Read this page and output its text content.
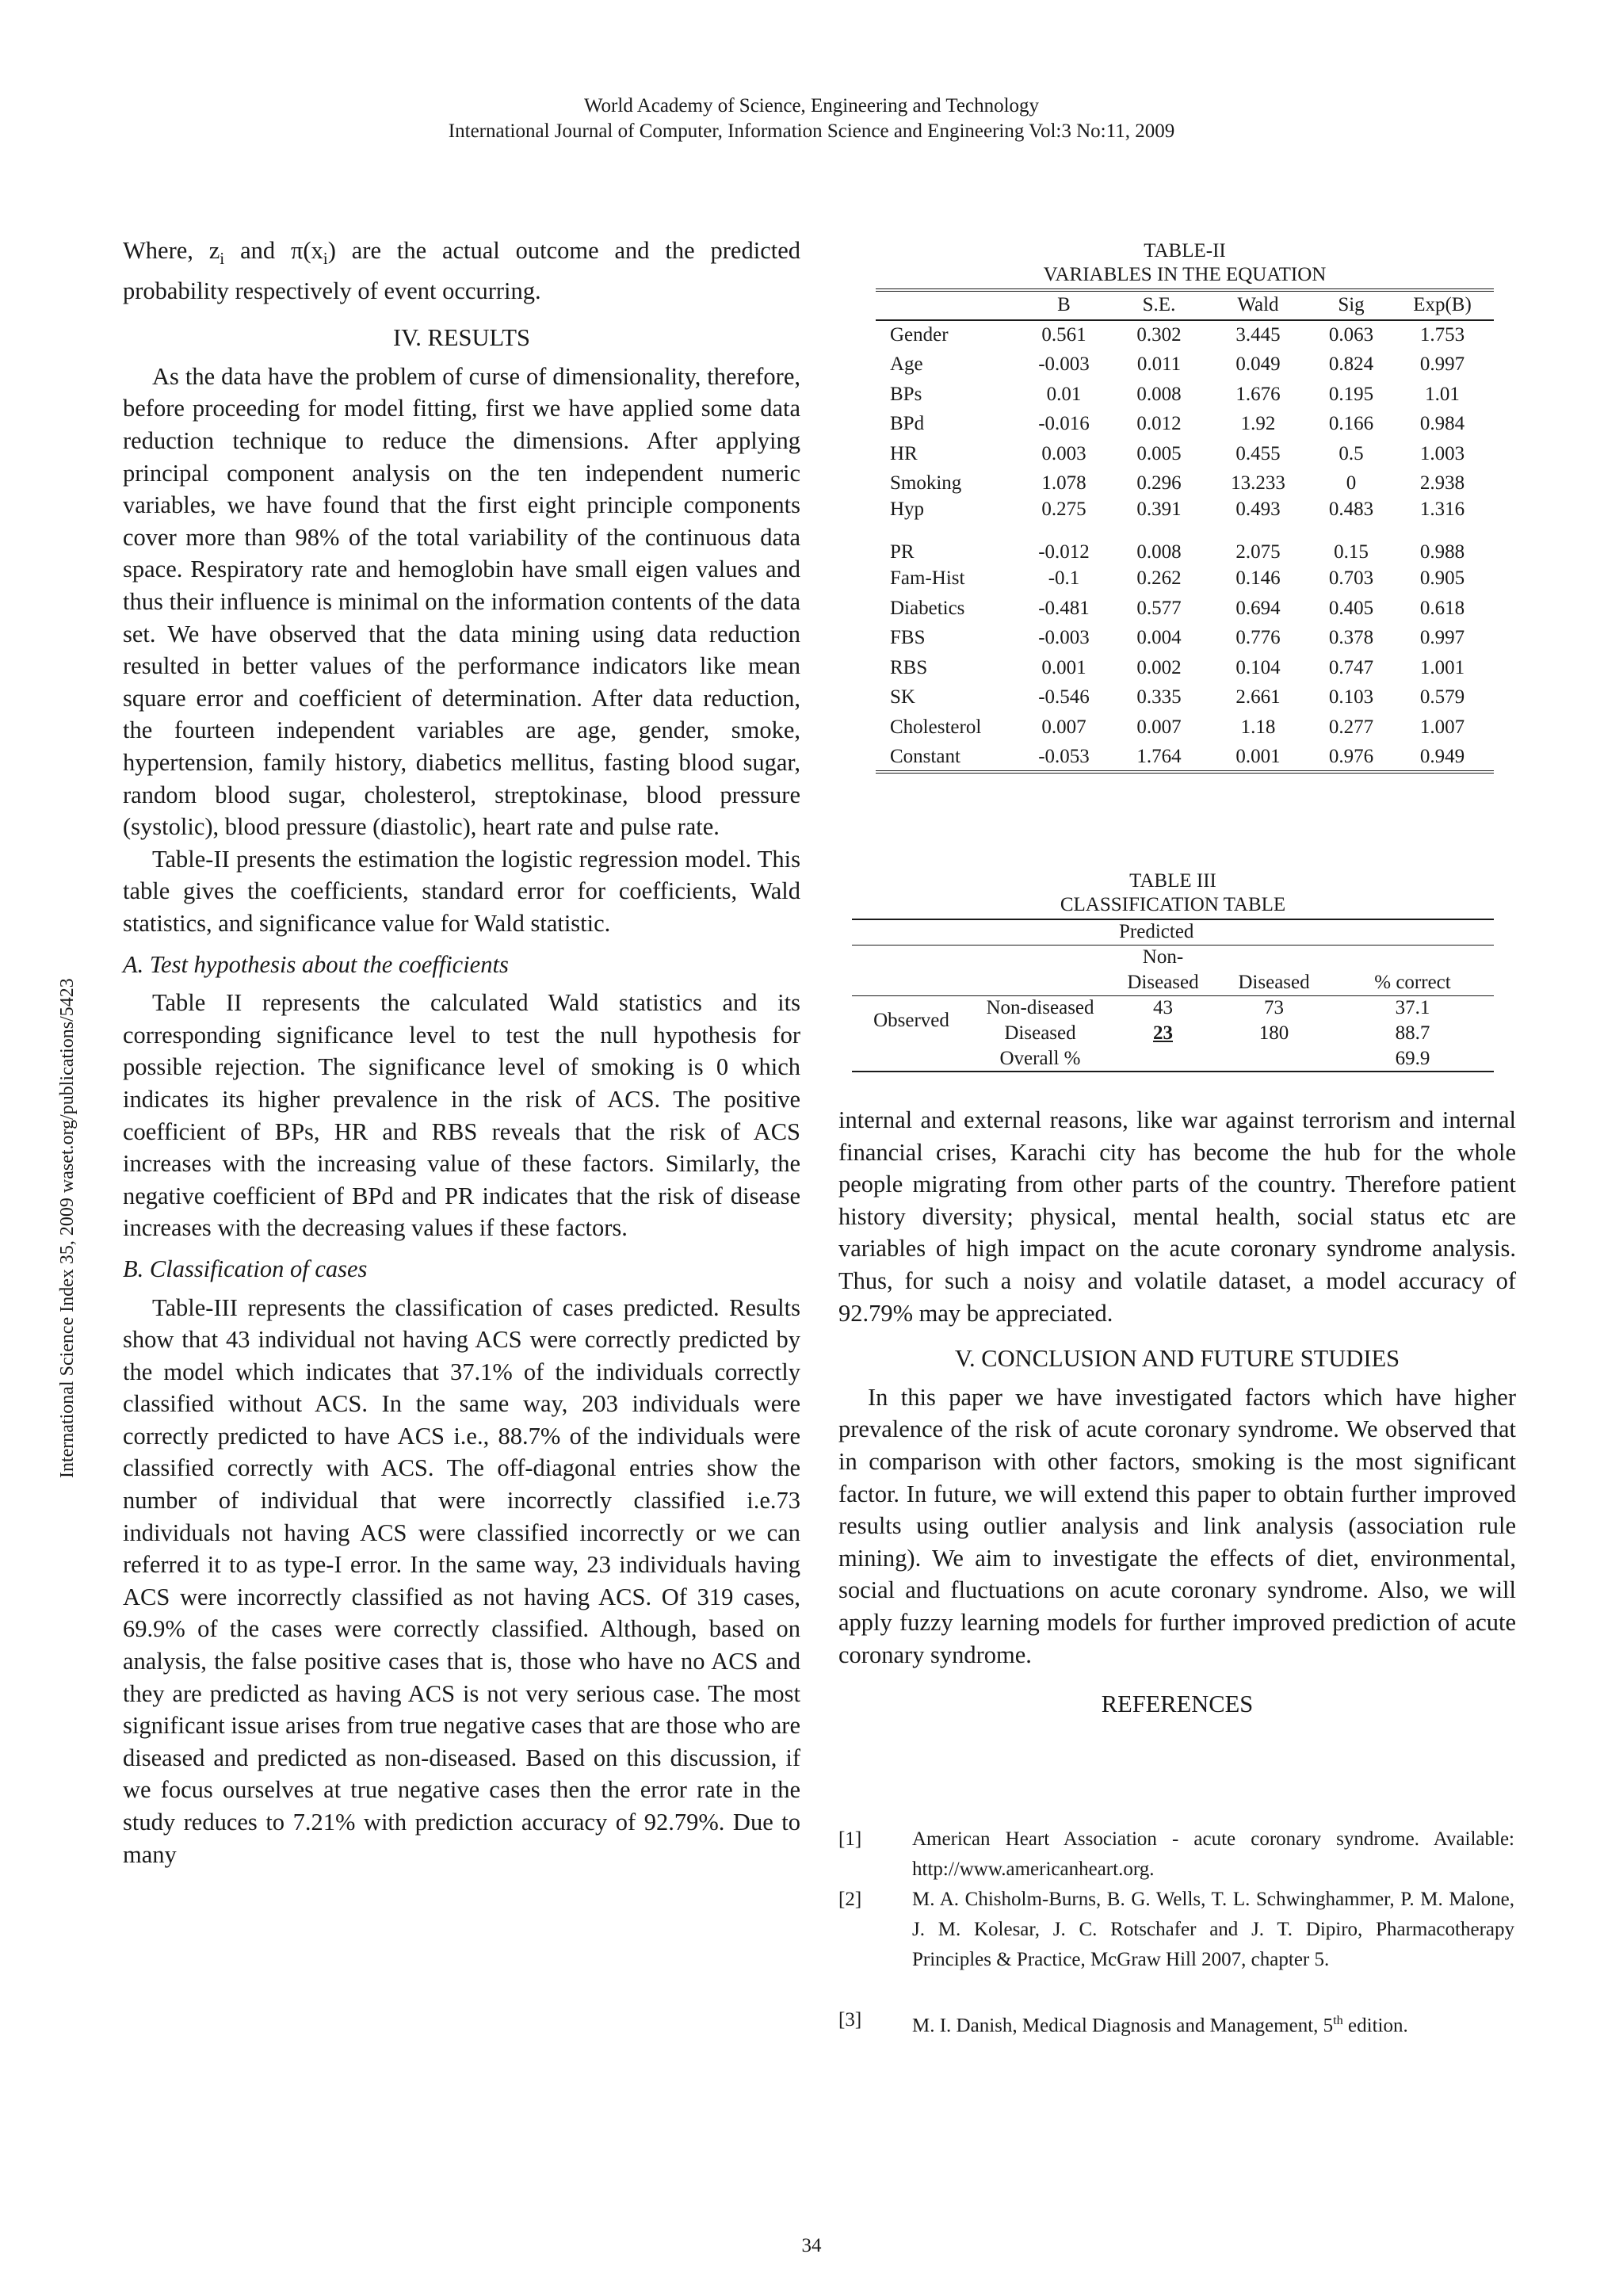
World Academy of Science, Engineering and Technology
International Journal of Computer, Information Science and Engineering Vol:3 No:11, 2009
International Science Index 35, 2009 waset.org/publications/5423

Where, $z_i$ and $\pi(x_i)$ are the actual outcome and the predicted probability respectively of event occurring.

IV. RESULTS

As the data have the problem of curse of dimensionality, therefore, before proceeding for model fitting, first we have applied some data reduction technique to reduce the dimensions. After applying principal component analysis on the ten independent numeric variables, we have found that the first eight principle components cover more than 98% of the total variability of the continuous data space. Respiratory rate and hemoglobin have small eigen values and thus their influence is minimal on the information contents of the data set. We have observed that the data mining using data reduction resulted in better values of the performance indicators like mean square error and coefficient of determination. After data reduction, the fourteen independent variables are age, gender, smoke, hypertension, family history, diabetics mellitus, fasting blood sugar, random blood sugar, cholesterol, streptokinase, blood pressure (systolic), blood pressure (diastolic), heart rate and pulse rate.

Table-II presents the estimation the logistic regression model. This table gives the coefficients, standard error for coefficients, Wald statistics, and significance value for Wald statistic.

A. Test hypothesis about the coefficients

Table II represents the calculated Wald statistics and its corresponding significance level to test the null hypothesis for possible rejection. The significance level of smoking is 0 which indicates its higher prevalence in the risk of ACS. The positive coefficient of BPs, HR and RBS reveals that the risk of ACS increases with the increasing value of these factors. Similarly, the negative coefficient of BPd and PR indicates that the risk of disease increases with the decreasing values if these factors.

B. Classification of cases

Table-III represents the classification of cases predicted. Results show that 43 individual not having ACS were correctly predicted by the model which indicates that 37.1% of the individuals correctly classified without ACS. In the same way, 203 individuals were correctly predicted to have ACS i.e., 88.7% of the individuals were classified correctly with ACS. The off-diagonal entries show the number of individual that were incorrectly classified i.e.73 individuals not having ACS were classified incorrectly or we can referred it to as type-I error. In the same way, 23 individuals having ACS were incorrectly classified as not having ACS. Of 319 cases, 69.9% of the cases were correctly classified. Although, based on analysis, the false positive cases that is, those who have no ACS and they are predicted as having ACS is not very serious case. The most significant issue arises from true negative cases that are those who are diseased and predicted as non-diseased. Based on this discussion, if we focus ourselves at true negative cases then the error rate in the study reduces to 7.21% with prediction accuracy of 92.79%. Due to many

TABLE-II
VARIABLES IN THE EQUATION
	B	S.E.	Wald	Sig	Exp(B)
Gender	0.561	0.302	3.445	0.063	1.753
Age	-0.003	0.011	0.049	0.824	0.997
BPs	0.01	0.008	1.676	0.195	1.01
BPd	-0.016	0.012	1.92	0.166	0.984
HR	0.003	0.005	0.455	0.5	1.003
Smoking	1.078	0.296	13.233	0	2.938
Hyp	0.275	0.391	0.493	0.483	1.316
PR	-0.012	0.008	2.075	0.15	0.988
Fam-Hist	-0.1	0.262	0.146	0.703	0.905
Diabetics	-0.481	0.577	0.694	0.405	0.618
FBS	-0.003	0.004	0.776	0.378	0.997
RBS	0.001	0.002	0.104	0.747	1.001
SK	-0.546	0.335	2.661	0.103	0.579
Cholesterol	0.007	0.007	1.18	0.277	1.007
Constant	-0.053	1.764	0.001	0.976	0.949
TABLE III
CLASSIFICATION TABLE
		Predicted		
		Non-		
		Diseased	Diseased	% correct
Observed	Non-diseased	43	73	37.1
	Diseased	23	180	88.7
	Overall %			69.9

internal and external reasons, like war against terrorism and internal financial crises, Karachi city has become the hub for the whole people migrating from other parts of the country. Therefore patient history diversity; physical, mental health, social status etc are variables of high impact on the acute coronary syndrome analysis. Thus, for such a noisy and volatile dataset, a model accuracy of 92.79% may be appreciated.

V. CONCLUSION AND FUTURE STUDIES

In this paper we have investigated factors which have higher prevalence of the risk of acute coronary syndrome. We observed that in comparison with other factors, smoking is the most significant factor. In future, we will extend this paper to obtain further improved results using outlier analysis and link analysis (association rule mining). We aim to investigate the effects of diet, environmental, social and fluctuations on acute coronary syndrome. Also, we will apply fuzzy learning models for further improved prediction of acute coronary syndrome.

REFERENCES

[1]	American Heart Association - acute coronary syndrome. Available: http://www.americanheart.org.
[2]	M. A. Chisholm-Burns, B. G. Wells, T. L. Schwinghammer, P. M. Malone, J. M. Kolesar, J. C. Rotschafer and J. T. Dipiro, Pharmacotherapy Principles & Practice, McGraw Hill 2007, chapter 5.
[3]	M. I. Danish, Medical Diagnosis and Management, 5th edition.
34
